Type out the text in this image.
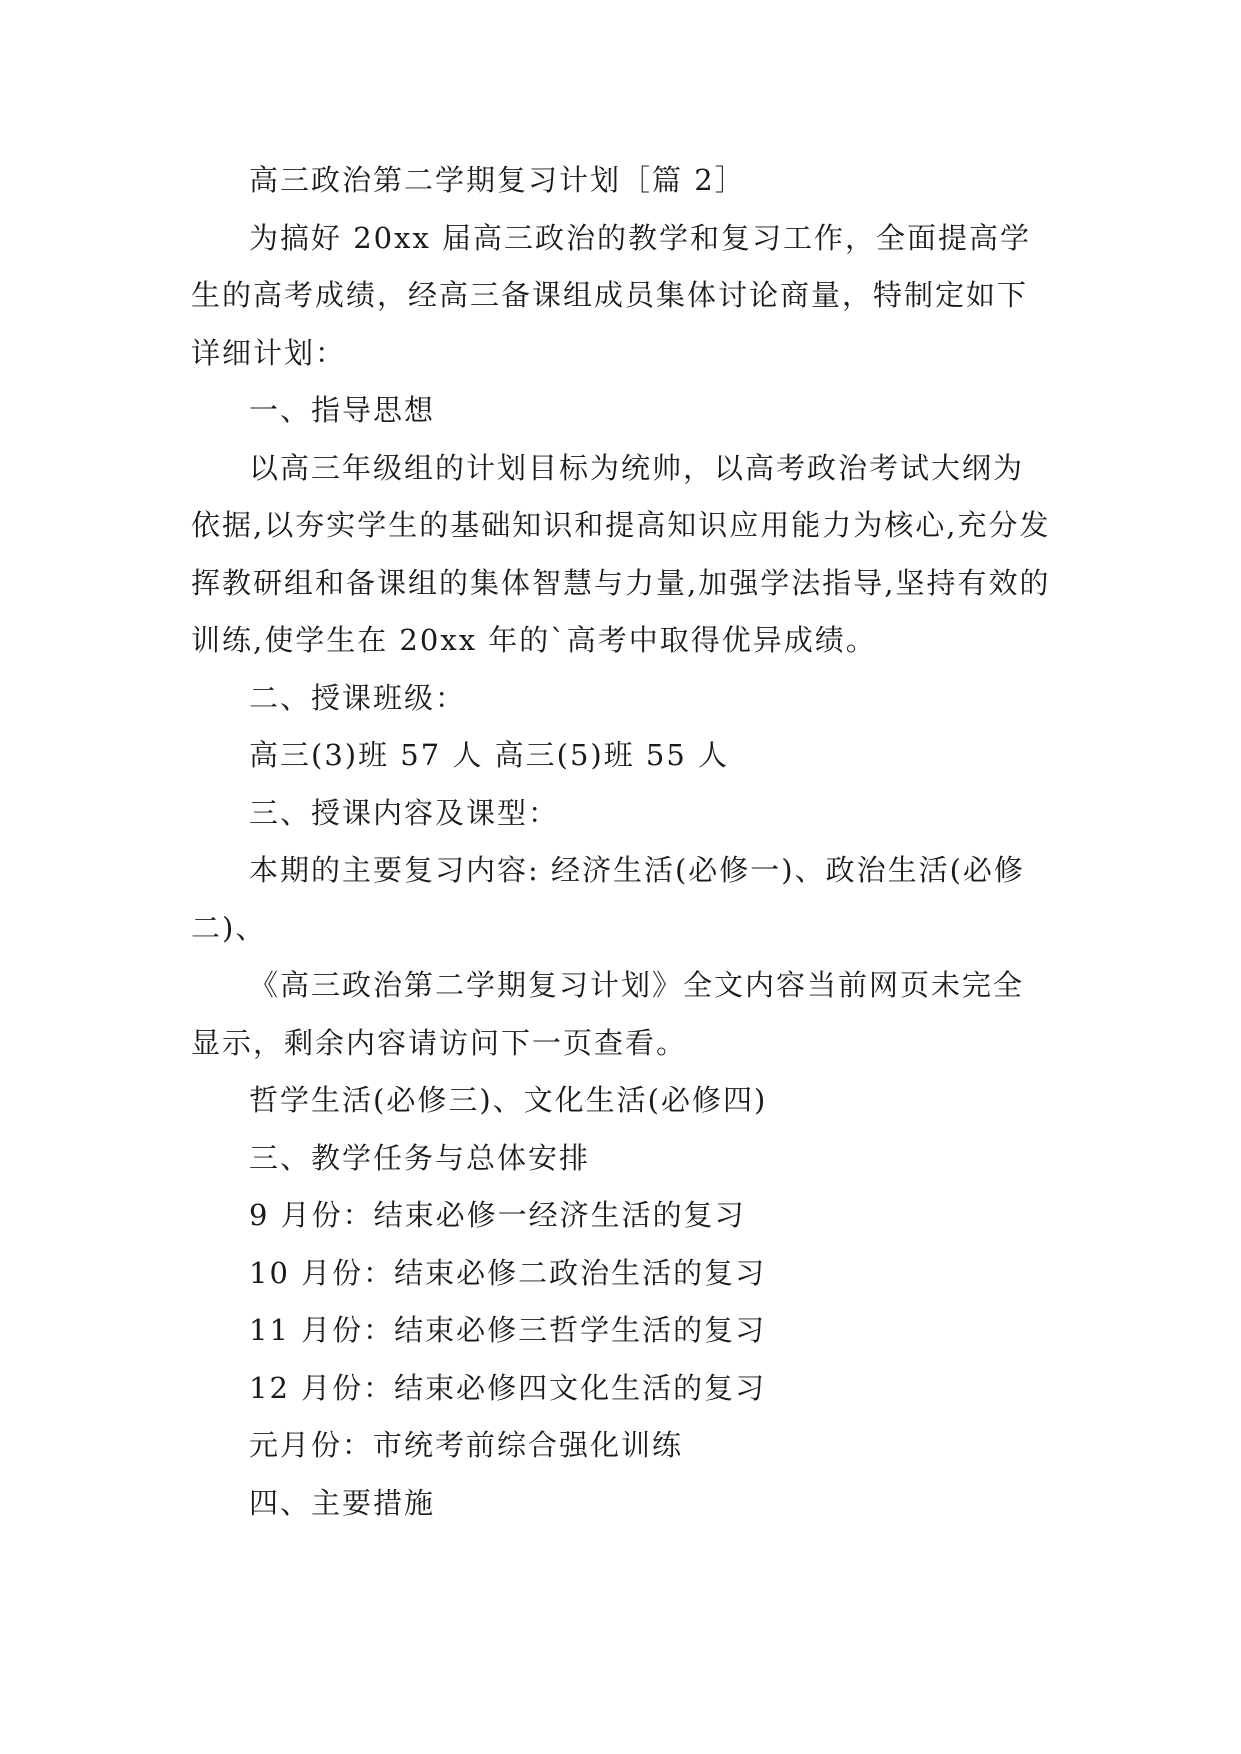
高三政治第二学期复习计划［篇 2］

为搞好 20xx 届高三政治的教学和复习工作，全面提高学生的高考成绩，经高三备课组成员集体讨论商量，特制定如下详细计划：

一、指导思想

以高三年级组的计划目标为统帅，以高考政治考试大纲为依据,以夯实学生的基础知识和提高知识应用能力为核心,充分发挥教研组和备课组的集体智慧与力量,加强学法指导,坚持有效的训练,使学生在 20xx 年的`高考中取得优异成绩。

二、授课班级：

高三(3)班 57 人 高三(5)班 55 人

三、授课内容及课型：

本期的主要复习内容: 经济生活(必修一)、政治生活(必修二)、

《高三政治第二学期复习计划》全文内容当前网页未完全显示，剩余内容请访问下一页查看。

哲学生活(必修三)、文化生活(必修四)

三、教学任务与总体安排

9 月份：结束必修一经济生活的复习

10 月份：结束必修二政治生活的复习

11 月份：结束必修三哲学生活的复习

12 月份：结束必修四文化生活的复习

元月份：市统考前综合强化训练

四、主要措施
